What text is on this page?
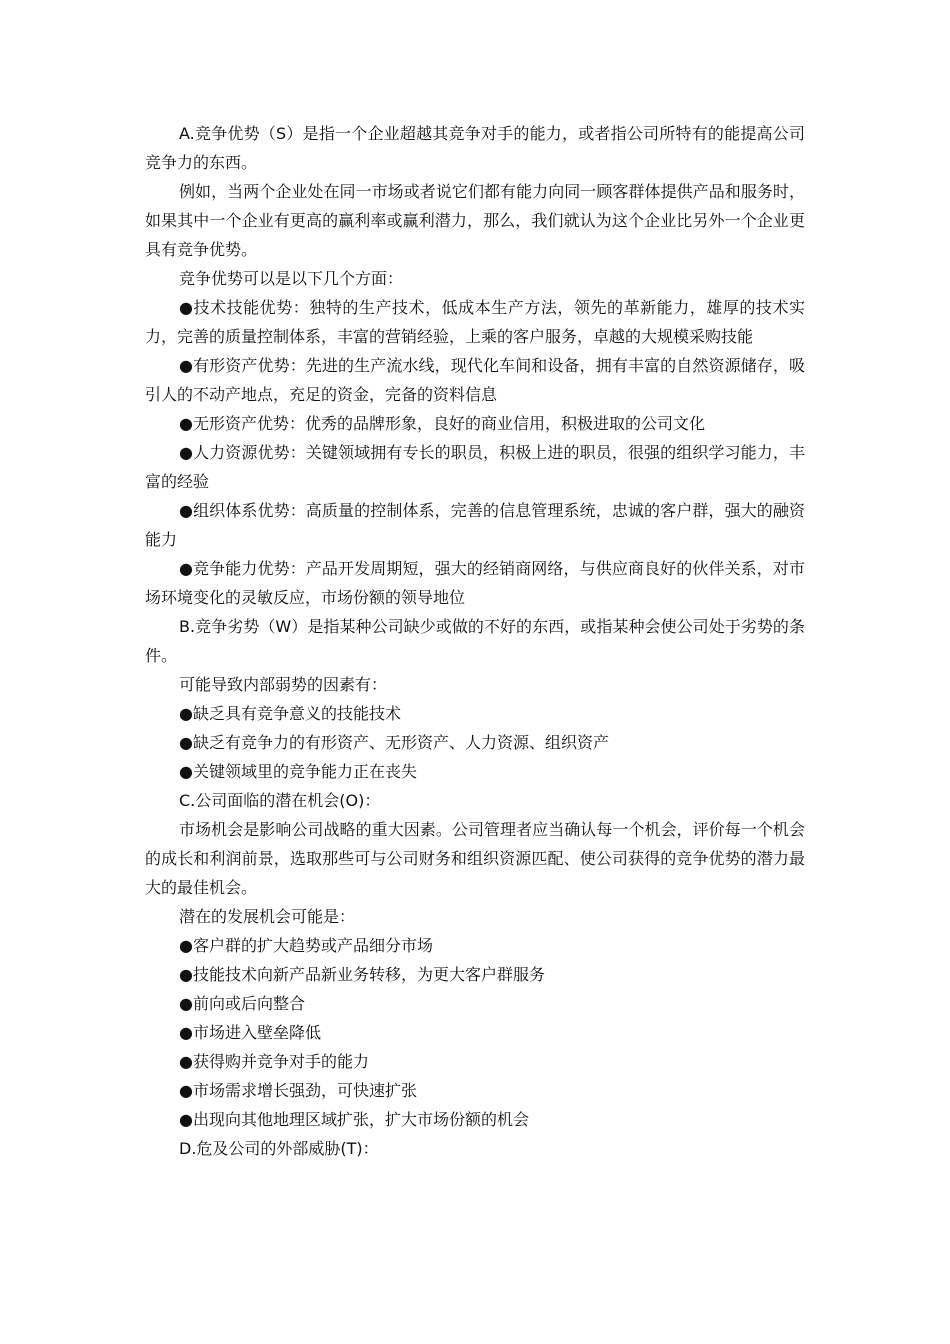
A.竞争优势（S）是指一个企业超越其竞争对手的能力，或者指公司所特有的能提高公司竞争力的东西。

例如，当两个企业处在同一市场或者说它们都有能力向同一顾客群体提供产品和服务时，如果其中一个企业有更高的赢利率或赢利潜力，那么，我们就认为这个企业比另外一个企业更具有竞争优势。

竞争优势可以是以下几个方面：

●技术技能优势：独特的生产技术，低成本生产方法，领先的革新能力，雄厚的技术实力，完善的质量控制体系，丰富的营销经验，上乘的客户服务，卓越的大规模采购技能

●有形资产优势：先进的生产流水线，现代化车间和设备，拥有丰富的自然资源储存，吸引人的不动产地点，充足的资金，完备的资料信息

●无形资产优势：优秀的品牌形象，良好的商业信用，积极进取的公司文化

●人力资源优势：关键领域拥有专长的职员，积极上进的职员，很强的组织学习能力，丰富的经验

●组织体系优势：高质量的控制体系，完善的信息管理系统，忠诚的客户群，强大的融资能力

●竞争能力优势：产品开发周期短，强大的经销商网络，与供应商良好的伙伴关系，对市场环境变化的灵敏反应，市场份额的领导地位

B.竞争劣势（W）是指某种公司缺少或做的不好的东西，或指某种会使公司处于劣势的条件。

可能导致内部弱势的因素有：

●缺乏具有竞争意义的技能技术

●缺乏有竞争力的有形资产、无形资产、人力资源、组织资产

●关键领域里的竞争能力正在丧失

C.公司面临的潜在机会(O)：

市场机会是影响公司战略的重大因素。公司管理者应当确认每一个机会，评价每一个机会的成长和利润前景，选取那些可与公司财务和组织资源匹配、使公司获得的竞争优势的潜力最大的最佳机会。

潜在的发展机会可能是：

●客户群的扩大趋势或产品细分市场

●技能技术向新产品新业务转移，为更大客户群服务

●前向或后向整合

●市场进入壁垒降低

●获得购并竞争对手的能力

●市场需求增长强劲，可快速扩张

●出现向其他地理区域扩张，扩大市场份额的机会

D.危及公司的外部威胁(T)：
